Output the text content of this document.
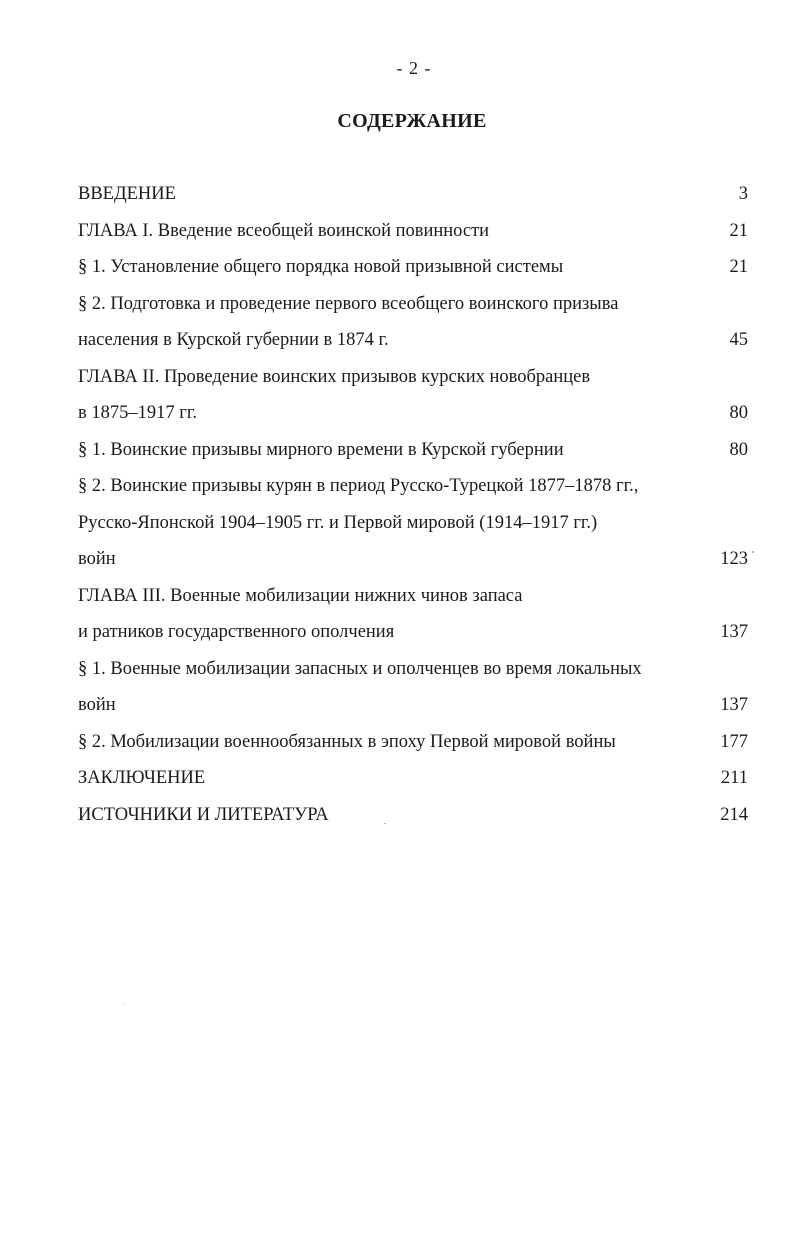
- 2 -
СОДЕРЖАНИЕ
ВВЕДЕНИЕ	3
ГЛАВА I. Введение всеобщей воинской повинности	21
§ 1. Установление общего порядка новой призывной системы	21
§ 2. Подготовка и проведение первого всеобщего воинского призыва
населения в Курской губернии в 1874 г.	45
ГЛАВА II. Проведение воинских призывов курских новобранцев
в 1875–1917 гг.	80
§ 1. Воинские призывы мирного времени в Курской губернии	80
§ 2. Воинские призывы курян в период Русско-Турецкой 1877–1878 гг.,
Русско-Японской 1904–1905 гг. и Первой мировой (1914–1917 гг.)
войн	123
ГЛАВА III. Военные мобилизации нижних чинов запаса
и ратников государственного ополчения	137
§ 1. Военные мобилизации запасных и ополченцев во время локальных
войн	137
§ 2. Мобилизации военнообязанных в эпоху Первой мировой войны	177
ЗАКЛЮЧЕНИЕ	211
ИСТОЧНИКИ И ЛИТЕРАТУРА	214
